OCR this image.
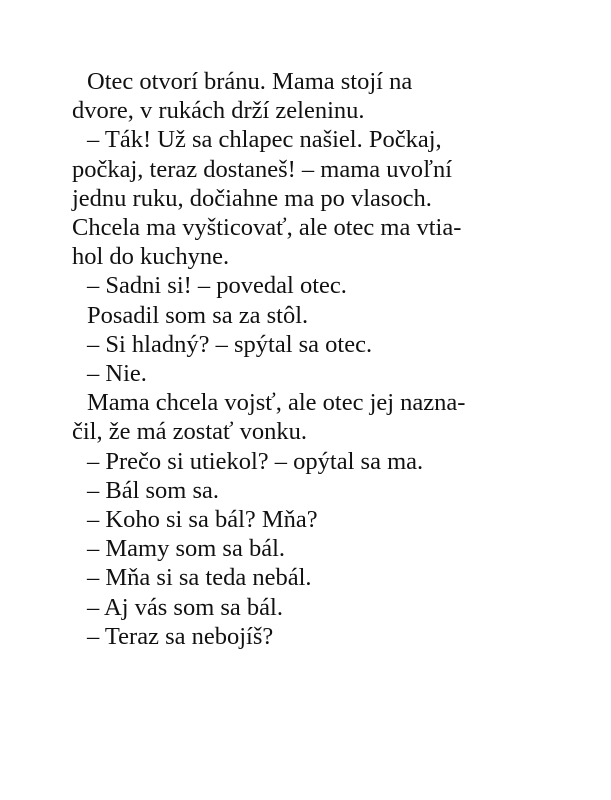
Otec otvorí bránu. Mama stojí na
dvore, v rukách drží zeleninu.
– Ták! Už sa chlapec našiel. Počkaj,
počkaj, teraz dostaneš! – mama uvoľní
jednu ruku, dočiahne ma po vlasoch.
Chcela ma vyšticovať, ale otec ma vtia-
hol do kuchyne.
– Sadni si! – povedal otec.
Posadil som sa za stôl.
– Si hladný? – spýtal sa otec.
– Nie.
Mama chcela vojsť, ale otec jej nazna-
čil, že má zostať vonku.
– Prečo si utiekol? – opýtal sa ma.
– Bál som sa.
– Koho si sa bál? Mňa?
– Mamy som sa bál.
– Mňa si sa teda nebál.
– Aj vás som sa bál.
– Teraz sa nebojíš?
